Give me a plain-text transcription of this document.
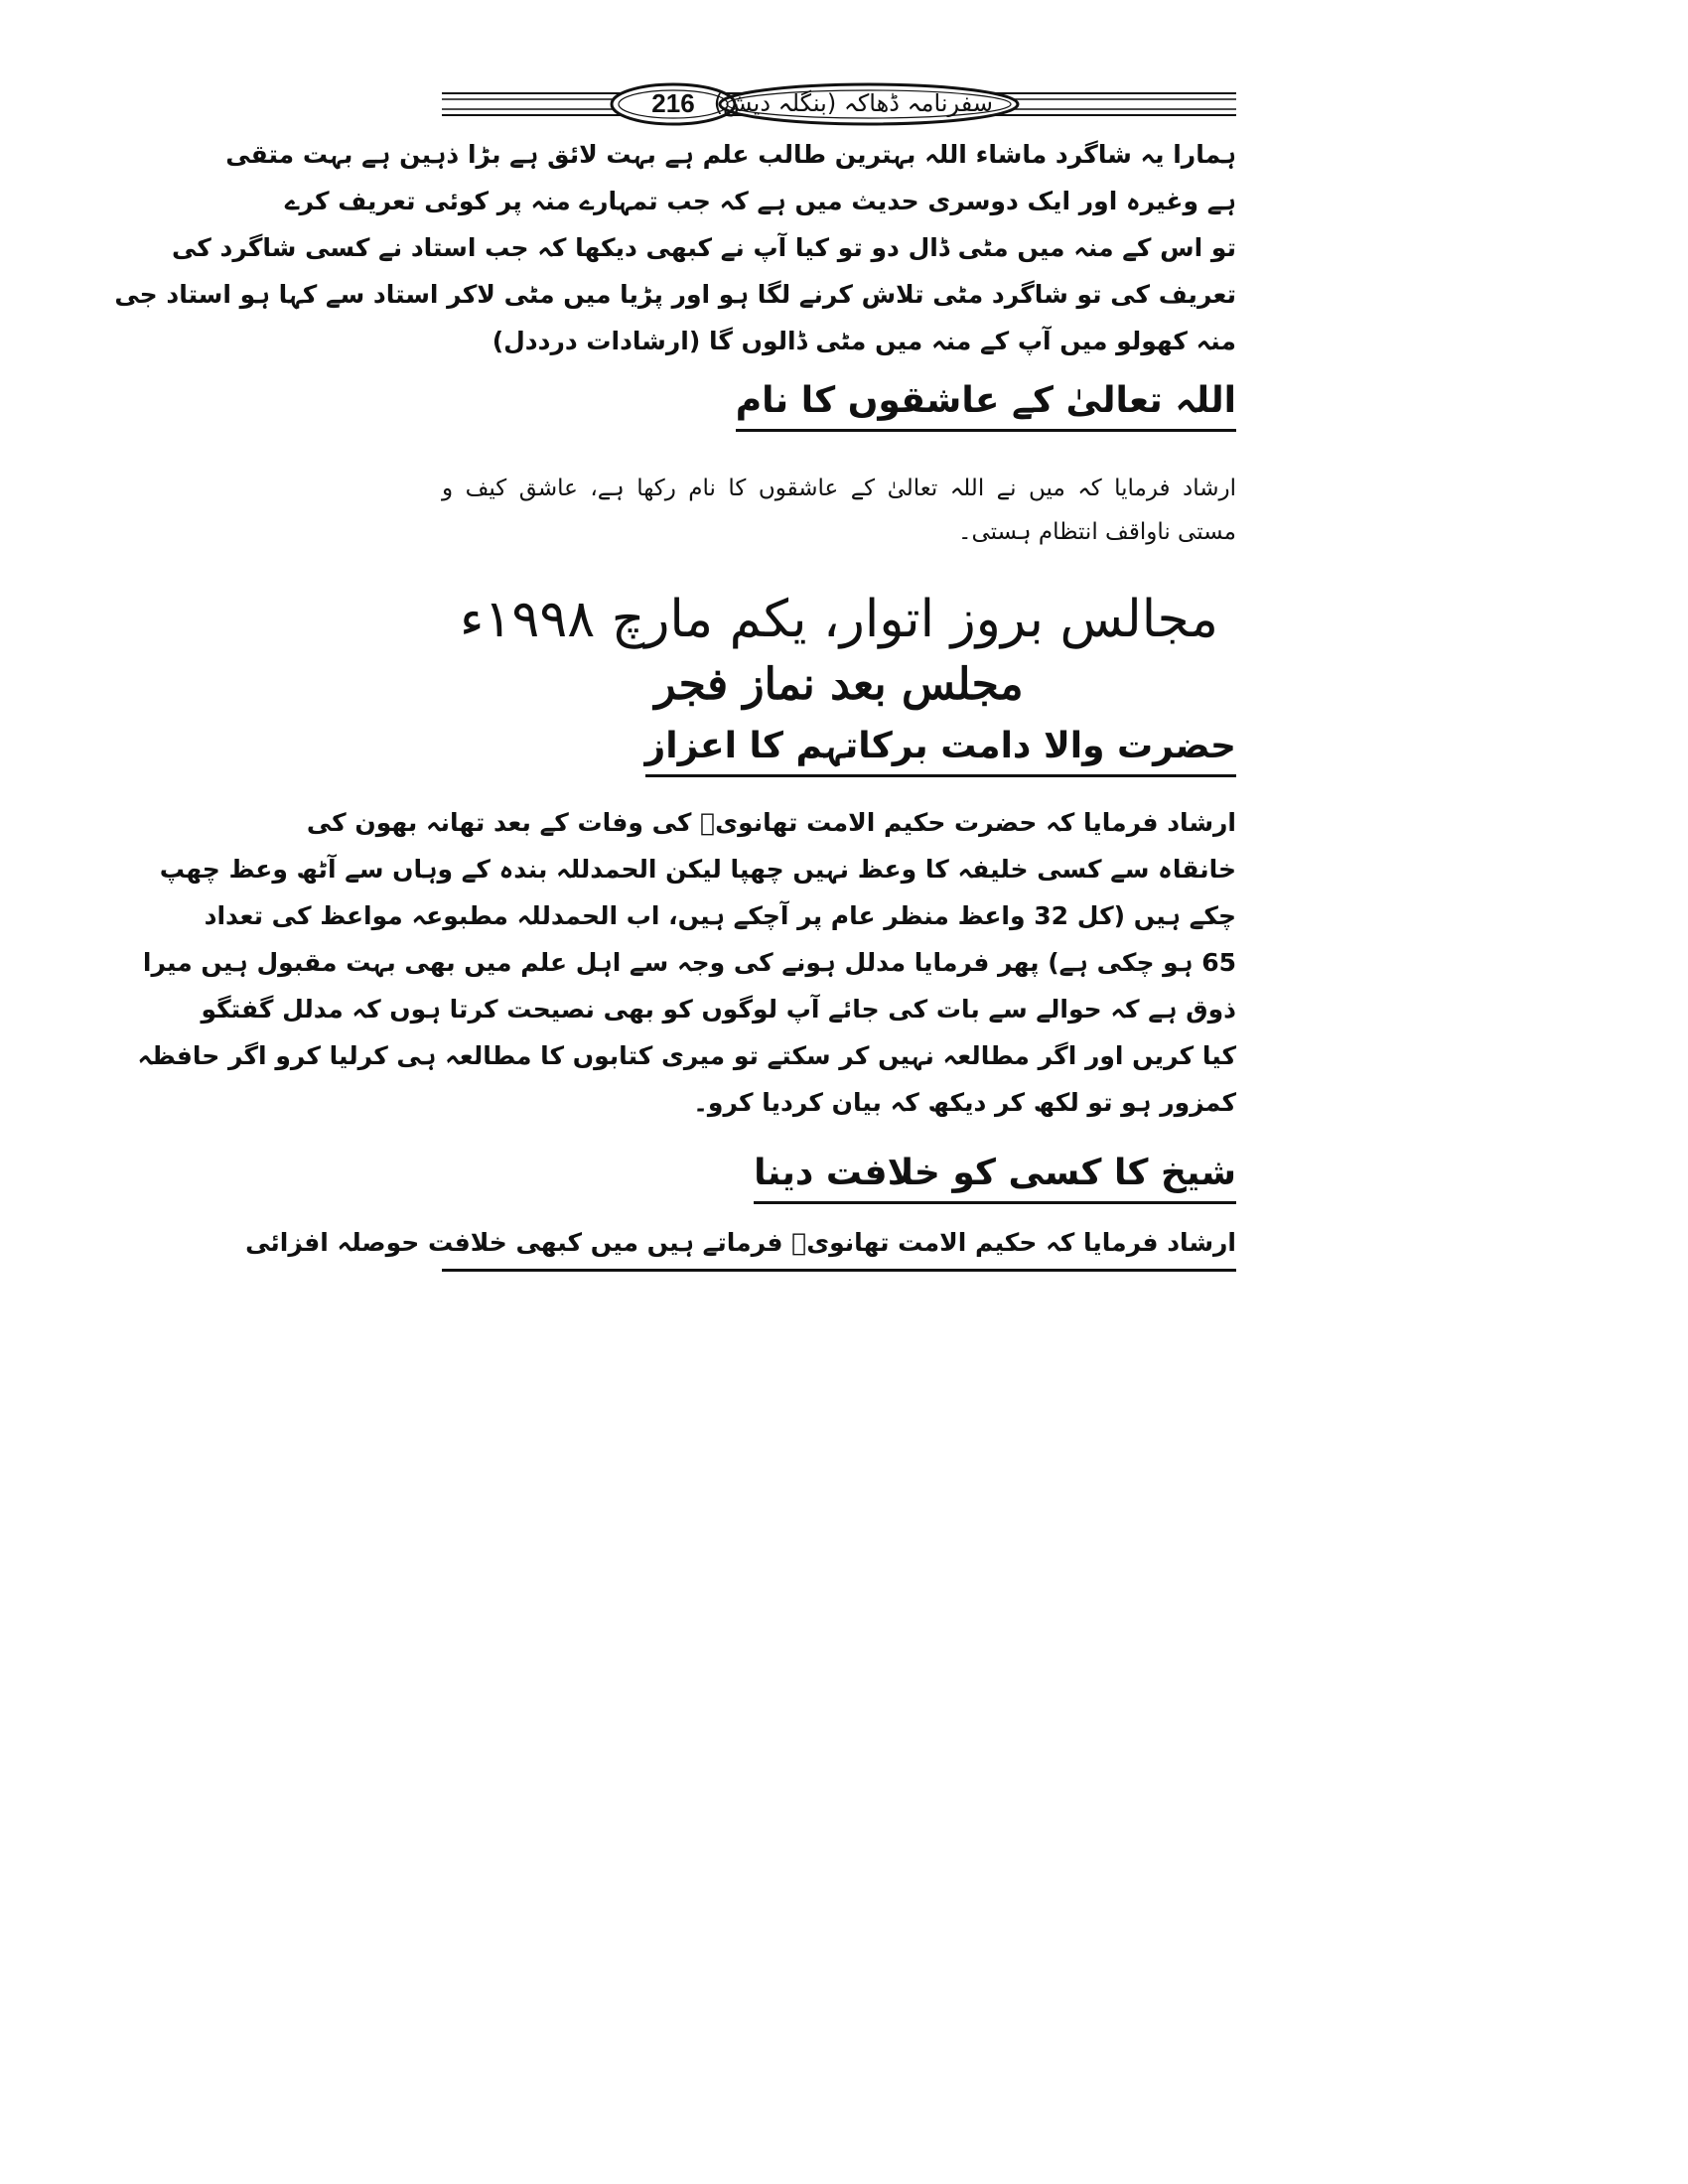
سفرنامہ ڈھاکہ (بنگلہ دیش)
216
ہمارا یہ شاگرد ماشاء اللہ بہترین طالب علم ہے بہت لائق ہے بڑا ذہین ہے بہت متقی
ہے وغیرہ اور ایک دوسری حدیث میں ہے کہ جب تمہارے منہ پر کوئی تعریف کرے
تو اس کے منہ میں مٹی ڈال دو تو کیا آپ نے کبھی دیکھا کہ جب استاد نے کسی شاگرد کی
تعریف کی تو شاگرد مٹی تلاش کرنے لگا ہو اور پڑیا میں مٹی لاکر استاد سے کہا ہو استاد جی
منہ کھولو میں آپ کے منہ میں مٹی ڈالوں گا (ارشادات درددل)
اللہ تعالیٰ کے عاشقوں کا نام
ارشاد فرمایا کہ میں نے اللہ تعالیٰ کے عاشقوں کا نام رکھا ہے، عاشق کیف و
مستی ناواقف انتظام ہستی۔
مجالس بروز اتوار، یکم مارچ ۱۹۹۸ء
مجلس بعد نماز فجر
حضرت والا دامت برکاتہم کا اعزاز
ارشاد فرمایا کہ حضرت حکیم الامت تھانویؒ کی وفات کے بعد تھانہ بھون کی
خانقاہ سے کسی خلیفہ کا وعظ نہیں چھپا لیکن الحمدللہ بندہ کے وہاں سے آٹھ وعظ چھپ
چکے ہیں (کل 32 واعظ منظر عام پر آچکے ہیں، اب الحمدللہ مطبوعہ مواعظ کی تعداد
65 ہو چکی ہے) پھر فرمایا مدلل ہونے کی وجہ سے اہل علم میں بھی بہت مقبول ہیں میرا
ذوق ہے کہ حوالے سے بات کی جائے آپ لوگوں کو بھی نصیحت کرتا ہوں کہ مدلل گفتگو
کیا کریں اور اگر مطالعہ نہیں کر سکتے تو میری کتابوں کا مطالعہ ہی کرلیا کرو اگر حافظہ
کمزور ہو تو لکھ کر دیکھ کہ بیان کردیا کرو۔
شیخ کا کسی کو خلافت دینا
ارشاد فرمایا کہ حکیم الامت تھانویؒ فرماتے ہیں میں کبھی خلافت حوصلہ افزائی
